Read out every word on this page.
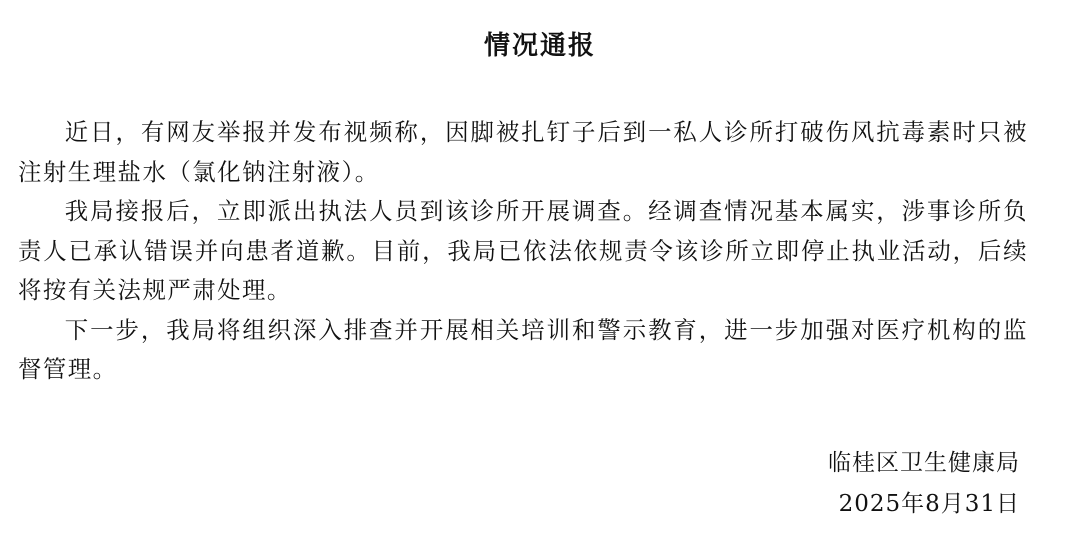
情况通报

近日，有网友举报并发布视频称，因脚被扎钉子后到一私人诊所打破伤风抗毒素时只被注射生理盐水（氯化钠注射液）。

我局接报后，立即派出执法人员到该诊所开展调查。经调查情况基本属实，涉事诊所负责人已承认错误并向患者道歉。目前，我局已依法依规责令该诊所立即停止执业活动，后续将按有关法规严肃处理。

下一步，我局将组织深入排查并开展相关培训和警示教育，进一步加强对医疗机构的监督管理。

临桂区卫生健康局
2025年8月31日
